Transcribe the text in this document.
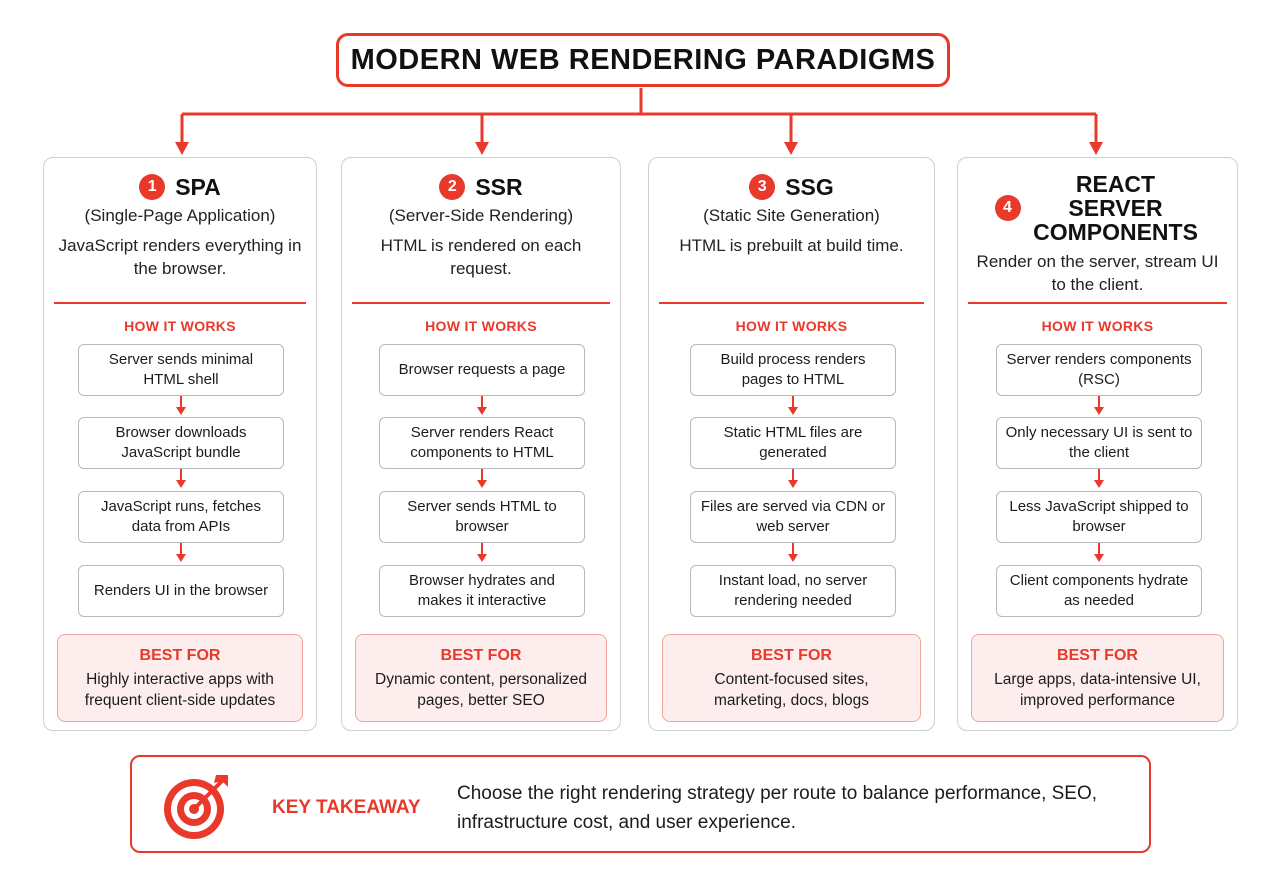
MODERN WEB RENDERING PARADIGMS
1 SPA
(Single-Page Application)
JavaScript renders everything in the browser.
HOW IT WORKS
Server sends minimal HTML shell
Browser downloads JavaScript bundle
JavaScript runs, fetches data from APIs
Renders UI in the browser
BEST FOR
Highly interactive apps with frequent client-side updates
2 SSR
(Server-Side Rendering)
HTML is rendered on each request.
HOW IT WORKS
Browser requests a page
Server renders React components to HTML
Server sends HTML to browser
Browser hydrates and makes it interactive
BEST FOR
Dynamic content, personalized pages, better SEO
3 SSG
(Static Site Generation)
HTML is prebuilt at build time.
HOW IT WORKS
Build process renders pages to HTML
Static HTML files are generated
Files are served via CDN or web server
Instant load, no server rendering needed
BEST FOR
Content-focused sites, marketing, docs, blogs
4
REACT SERVER COMPONENTS
Render on the server, stream UI to the client.
HOW IT WORKS
Server renders components (RSC)
Only necessary UI is sent to the client
Less JavaScript shipped to browser
Client components hydrate as needed
BEST FOR
Large apps, data-intensive UI, improved performance
KEY TAKEAWAY
Choose the right rendering strategy per route to balance performance, SEO, infrastructure cost, and user experience.
